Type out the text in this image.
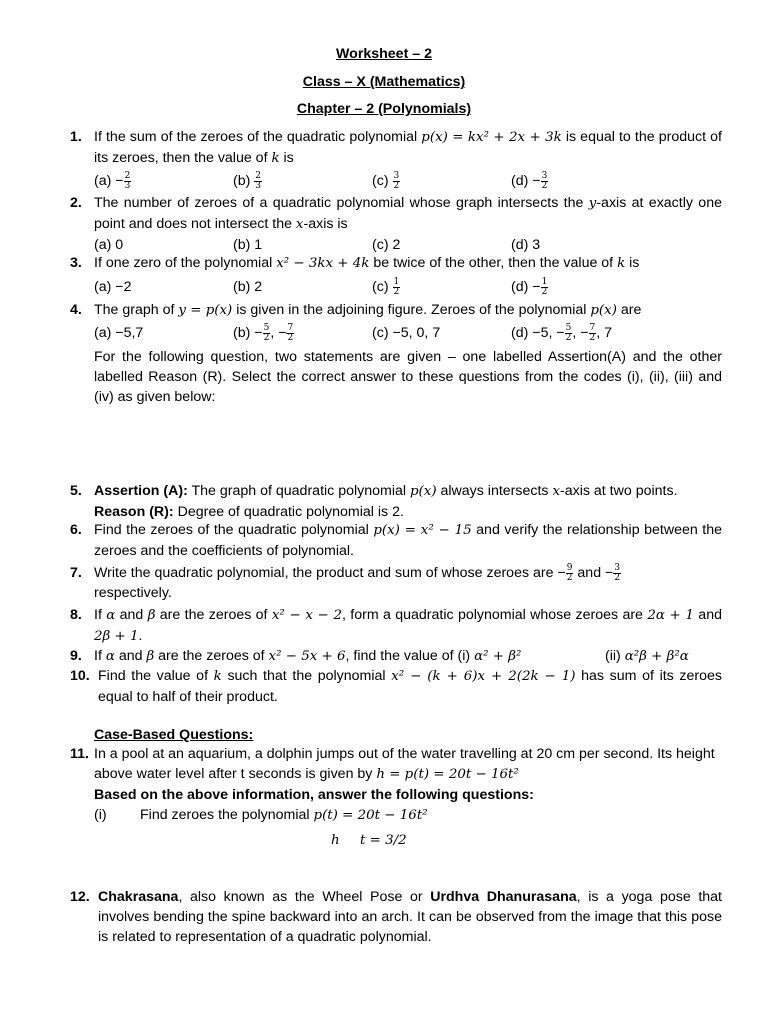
Worksheet – 2
Class – X (Mathematics)
Chapter – 2 (Polynomials)
1. If the sum of the zeroes of the quadratic polynomial p(x) = kx² + 2x + 3k is equal to the product of its zeroes, then the value of k is
$(a) - \frac{2}{3}$	$(b) \frac{2}{3}$	$(c) \frac{3}{2}$	$(d) - \frac{3}{2}$
2. The number of zeroes of a quadratic polynomial whose graph intersects the y-axis at exactly one point and does not intersect the x-axis is
(a) 0	(b) 1	(c) 2	(d) 3
3. If one zero of the polynomial x² − 3kx + 4k be twice of the other, then the value of k is
(a) −2	(b) 2	$(c) \frac{1}{2}$	$(d) - \frac{1}{2}$
4. The graph of y = p(x) is given in the adjoining figure. Zeroes of the polynomial p(x) are
(a) −5,7	$(b) - \frac{5}{2}$ , − $\frac{7}{2}$	(c) −5, 0, 7	(d) −5, − $\frac{5}{2}$ , − $\frac{7}{2}$ , 7
For the following question, two statements are given – one labelled Assertion(A) and the other labelled Reason (R). Select the correct answer to these questions from the codes (i), (ii), (iii) and (iv) as given below:
5. Assertion (A): The graph of quadratic polynomial p(x) always intersects x-axis at two points.
Reason (R): Degree of quadratic polynomial is 2.
6. Find the zeroes of the quadratic polynomial p(x) = x² − 15 and verify the relationship between the zeroes and the coefficients of polynomial.
7. Write the quadratic polynomial, the product and sum of whose zeroes are − $\frac{9}{2}$ and − $\frac{3}{2}$
respectively.
8. If α and β are the zeroes of x² − x − 2, form a quadratic polynomial whose zeroes are 2α + 1 and 2β + 1.
9. If α and β are the zeroes of x² − 5x + 6, find the value of (i) α² + β²	(ii) α²β + β²α
10. Find the value of k such that the polynomial x² − (k + 6)x + 2(2k − 1) has sum of its zeroes equal to half of their product.
Case-Based Questions:
11. In a pool at an aquarium, a dolphin jumps out of the water travelling at 20 cm per second. Its height above water level after t seconds is given by h = p(t) = 20t − 16t²
Based on the above information, answer the following questions:
(i) Find zeroes the polynomial p(t) = 20t − 16t²
h t = 3/2
12. Chakrasana, also known as the Wheel Pose or Urdhva Dhanurasana, is a yoga pose that involves bending the spine backward into an arch. It can be observed from the image that this pose is related to representation of a quadratic polynomial.
